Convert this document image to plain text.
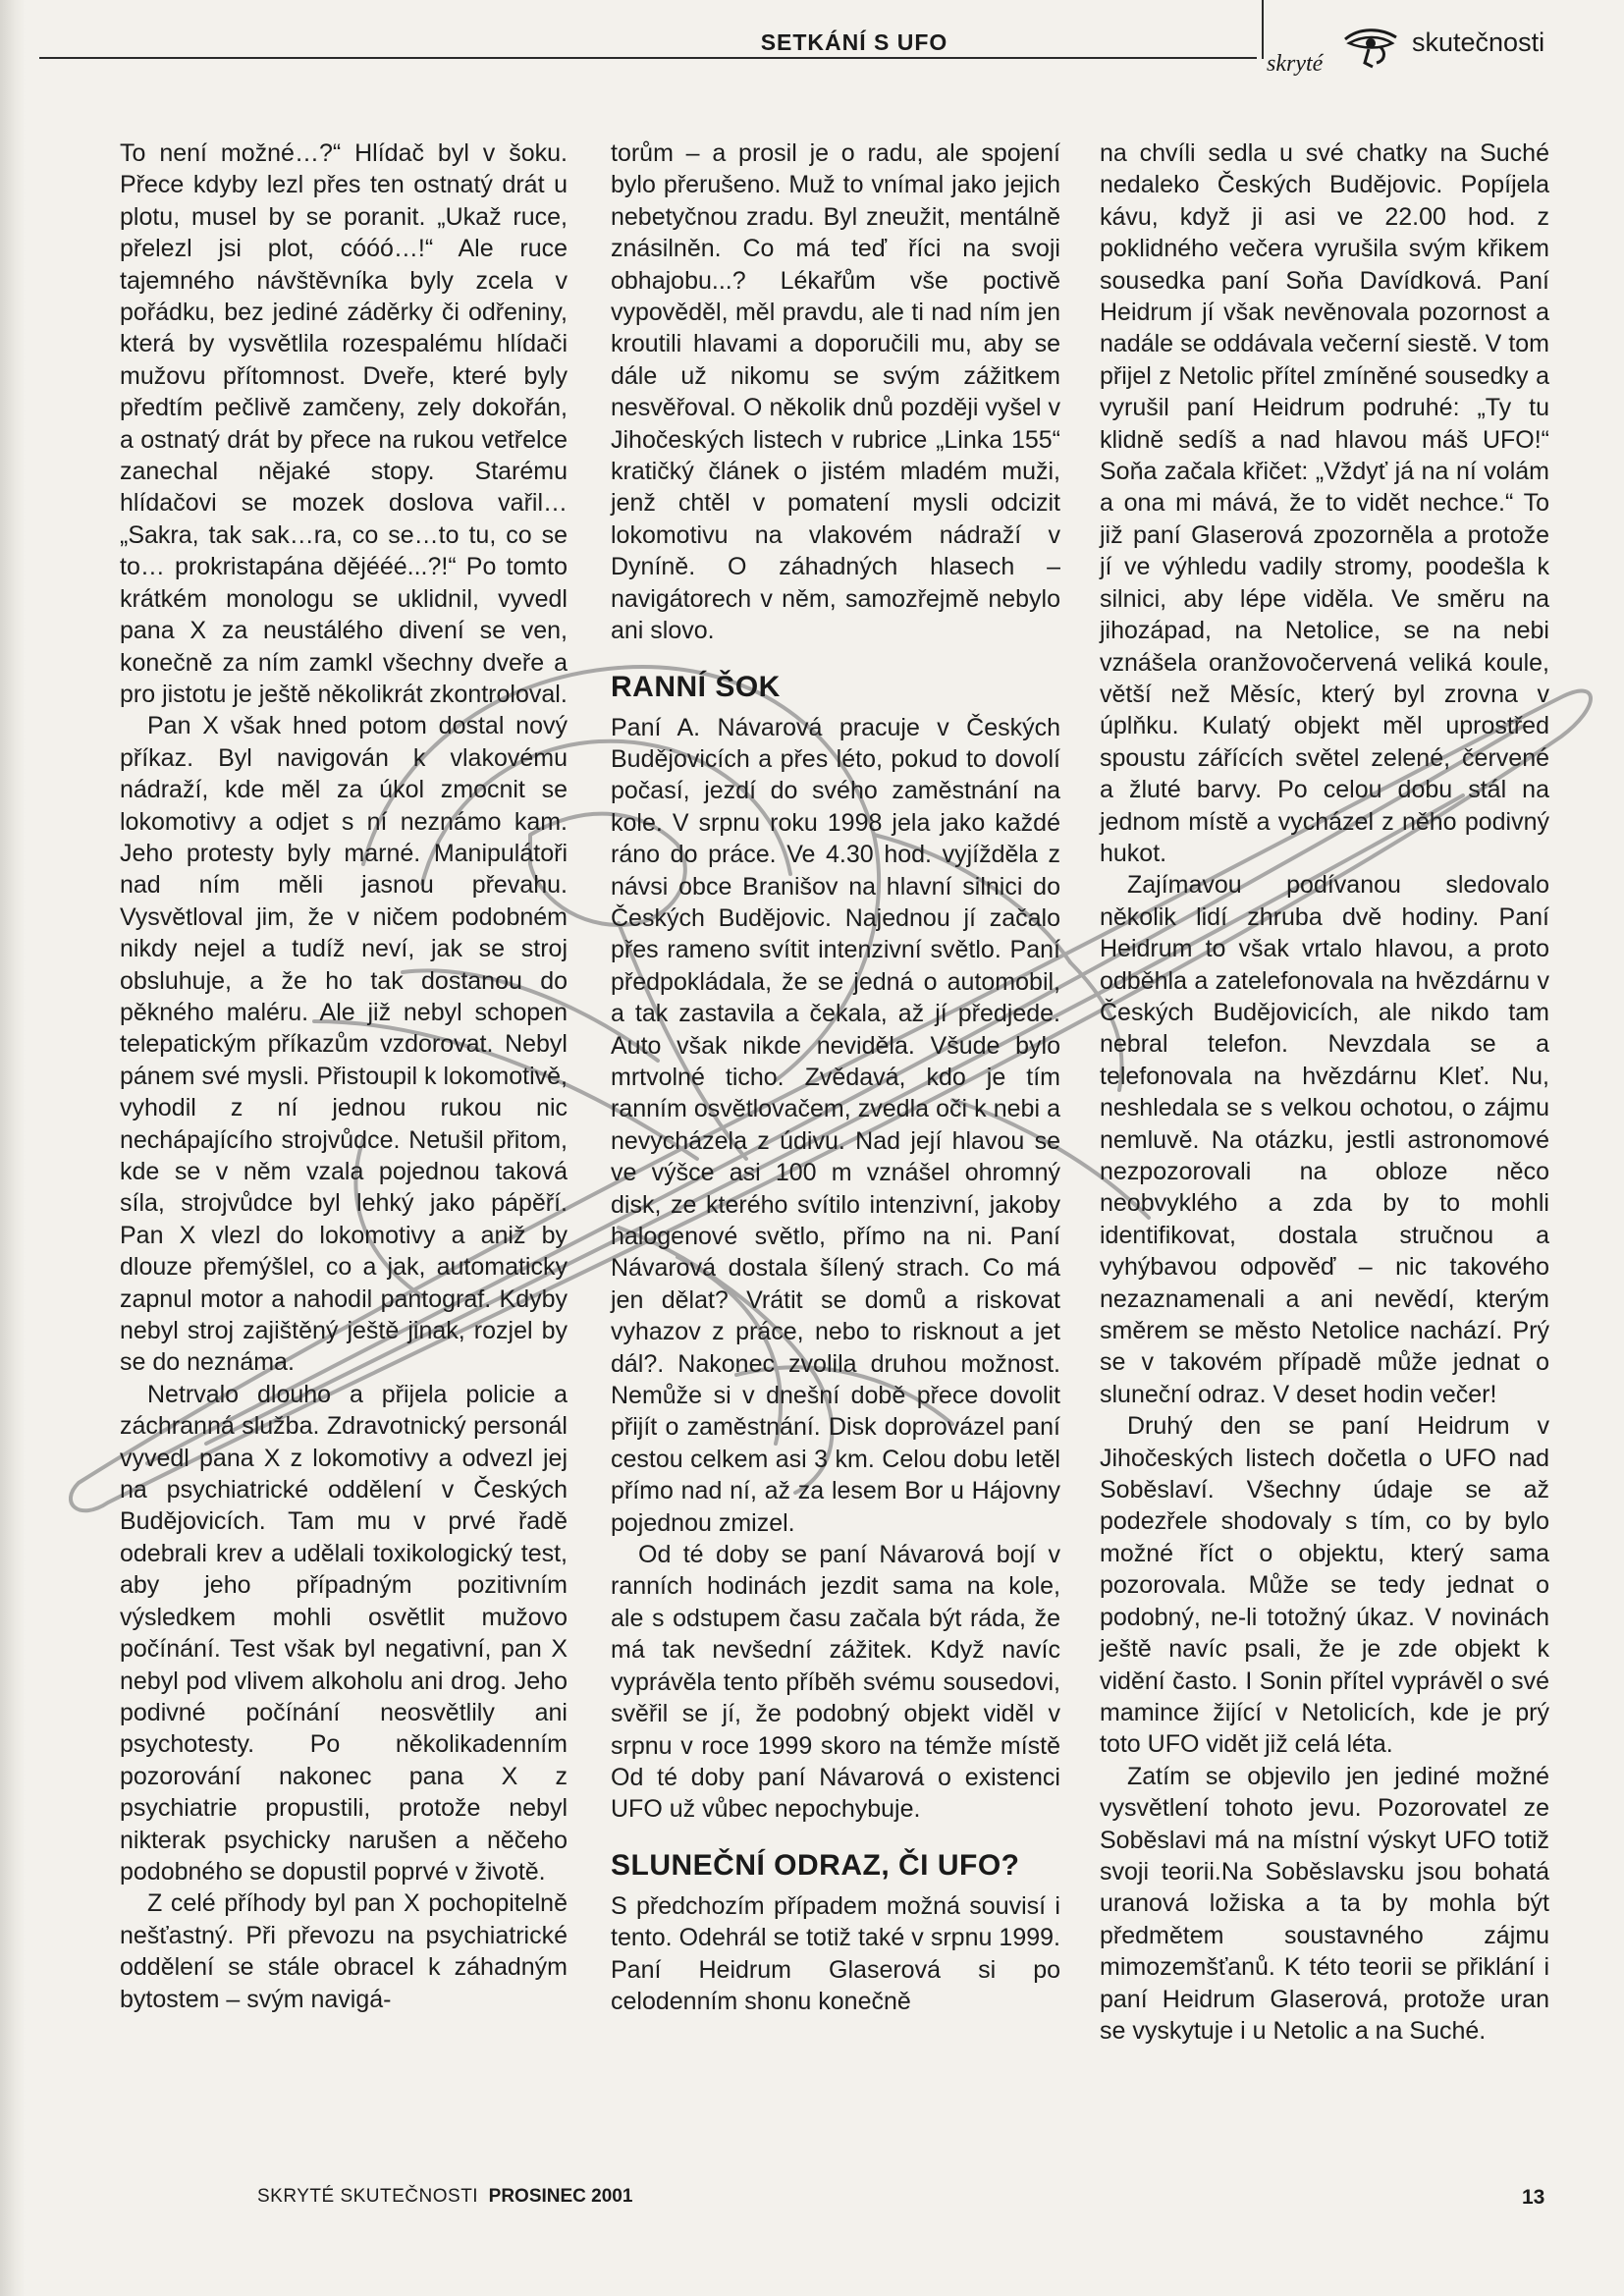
SETKÁNÍ S UFO
skryté
skutečnosti

To není možné…?“ Hlídač byl v šoku. Přece kdyby lezl přes ten ostnatý drát u plotu, musel by se poranit. „Ukaž ruce, přelezl jsi plot, cóóó…!“ Ale ruce tajemného návštěvníka byly zcela v pořádku, bez jediné záděrky či odřeniny, která by vysvětlila rozespalému hlídači mužovu přítomnost. Dveře, které byly předtím pečlivě zamčeny, zely dokořán, a ostnatý drát by přece na rukou vetřelce zanechal nějaké stopy. Starému hlídačovi se mozek doslova vařil… „Sakra, tak sak…ra, co se…to tu, co se to… prokristapána dějééé...?!“ Po tomto krátkém monologu se uklidnil, vyvedl pana X za neustálého divení se ven, konečně za ním zamkl všechny dveře a pro jistotu je ještě několikrát zkontroloval.

Pan X však hned potom dostal nový příkaz. Byl navigován k vlakovému nádraží, kde měl za úkol zmocnit se lokomotivy a odjet s ní neznámo kam. Jeho protesty byly marné. Manipulátoři nad ním měli jasnou převahu. Vysvětloval jim, že v ničem podobném nikdy nejel a tudíž neví, jak se stroj obsluhuje, a že ho tak dostanou do pěkného maléru. Ale již nebyl schopen telepatickým příkazům vzdorovat. Nebyl pánem své mysli. Přistoupil k lokomotivě, vyhodil z ní jednou rukou nic nechápajícího strojvůdce. Netušil přitom, kde se v něm vzala pojednou taková síla, strojvůdce byl lehký jako pápěří. Pan X vlezl do lokomotivy a aniž by dlouze přemýšlel, co a jak, automaticky zapnul motor a nahodil pantograf. Kdyby nebyl stroj zajištěný ještě jinak, rozjel by se do neznáma.

Netrvalo dlouho a přijela policie a záchranná služba. Zdravotnický personál vyvedl pana X z lokomotivy a odvezl jej na psychiatrické oddělení v Českých Budějovicích. Tam mu v prvé řadě odebrali krev a udělali toxikologický test, aby jeho případným pozitivním výsledkem mohli osvětlit mužovo počínání. Test však byl negativní, pan X nebyl pod vlivem alkoholu ani drog. Jeho podivné počínání neosvětlily ani psychotesty. Po několikadenním pozorování nakonec pana X z psychiatrie propustili, protože nebyl nikterak psychicky narušen a něčeho podobného se dopustil poprvé v životě.

Z celé příhody byl pan X pochopitelně nešťastný. Při převozu na psychiatrické oddělení se stále obracel k záhadným bytostem – svým navigá-

torům – a prosil je o radu, ale spojení bylo přerušeno. Muž to vnímal jako jejich nebetyčnou zradu. Byl zneužit, mentálně znásilněn. Co má teď říci na svoji obhajobu...? Lékařům vše poctivě vypověděl, měl pravdu, ale ti nad ním jen kroutili hlavami a doporučili mu, aby se dále už nikomu se svým zážitkem nesvěřoval. O několik dnů později vyšel v Jihočeských listech v rubrice „Linka 155“ kratičký článek o jistém mladém muži, jenž chtěl v pomatení mysli odcizit lokomotivu na vlakovém nádraží v Dyníně. O záhadných hlasech – navigátorech v něm, samozřejmě nebylo ani slovo.

RANNÍ ŠOK

Paní A. Návarová pracuje v Českých Budějovicích a přes léto, pokud to dovolí počasí, jezdí do svého zaměstnání na kole. V srpnu roku 1998 jela jako každé ráno do práce. Ve 4.30 hod. vyjížděla z návsi obce Branišov na hlavní silnici do Českých Budějovic. Najednou jí začalo přes rameno svítit intenzivní světlo. Paní předpokládala, že se jedná o automobil, a tak zastavila a čekala, až jí předjede. Auto však nikde neviděla. Všude bylo mrtvolné ticho. Zvědavá, kdo je tím ranním osvětlovačem, zvedla oči k nebi a nevycházela z údivu. Nad její hlavou se ve výšce asi 100 m vznášel ohromný disk, ze kterého svítilo intenzivní, jakoby halogenové světlo, přímo na ni. Paní Návarová dostala šílený strach. Co má jen dělat? Vrátit se domů a riskovat vyhazov z práce, nebo to risknout a jet dál?. Nakonec zvolila druhou možnost. Nemůže si v dnešní době přece dovolit přijít o zaměstnání. Disk doprovázel paní cestou celkem asi 3 km. Celou dobu letěl přímo nad ní, až za lesem Bor u Hájovny pojednou zmizel.

Od té doby se paní Návarová bojí v ranních hodinách jezdit sama na kole, ale s odstupem času začala být ráda, že má tak nevšední zážitek. Když navíc vyprávěla tento příběh svému sousedovi, svěřil se jí, že podobný objekt viděl v srpnu v roce 1999 skoro na témže místě Od té doby paní Návarová o existenci UFO už vůbec nepochybuje.

SLUNEČNÍ ODRAZ, ČI UFO?

S předchozím případem možná souvisí i tento. Odehrál se totiž také v srpnu 1999. Paní Heidrum Glaserová si po celodenním shonu konečně

na chvíli sedla u své chatky na Suché nedaleko Českých Budějovic. Popíjela kávu, když ji asi ve 22.00 hod. z poklidného večera vyrušila svým křikem sousedka paní Soňa Davídková. Paní Heidrum jí však nevěnovala pozornost a nadále se oddávala večerní siestě. V tom přijel z Netolic přítel zmíněné sousedky a vyrušil paní Heidrum podruhé: „Ty tu klidně sedíš a nad hlavou máš UFO!“ Soňa začala křičet: „Vždyť já na ní volám a ona mi mává, že to vidět nechce.“ To již paní Glaserová zpozorněla a protože jí ve výhledu vadily stromy, poodešla k silnici, aby lépe viděla. Ve směru na jihozápad, na Netolice, se na nebi vznášela oranžovočervená veliká koule, větší než Měsíc, který byl zrovna v úplňku. Kulatý objekt měl uprostřed spoustu zářících světel zelené, červené a žluté barvy. Po celou dobu stál na jednom místě a vycházel z něho podivný hukot.

Zajímavou podívanou sledovalo několik lidí zhruba dvě hodiny. Paní Heidrum to však vrtalo hlavou, a proto odběhla a zatelefonovala na hvězdárnu v Českých Budějovicích, ale nikdo tam nebral telefon. Nevzdala se a telefonovala na hvězdárnu Kleť. Nu, neshledala se s velkou ochotou, o zájmu nemluvě. Na otázku, jestli astronomové nezpozorovali na obloze něco neobvyklého a zda by to mohli identifikovat, dostala stručnou a vyhýbavou odpověď – nic takového nezaznamenali a ani nevědí, kterým směrem se město Netolice nachází. Prý se v takovém případě může jednat o sluneční odraz. V deset hodin večer!

Druhý den se paní Heidrum v Jihočeských listech dočetla o UFO nad Soběslaví. Všechny údaje se až podezřele shodovaly s tím, co by bylo možné říct o objektu, který sama pozorovala. Může se tedy jednat o podobný, ne-li totožný úkaz. V novinách ještě navíc psali, že je zde objekt k vidění často. I Sonin přítel vyprávěl o své mamince žijící v Netolicích, kde je prý toto UFO vidět již celá léta.

Zatím se objevilo jen jediné možné vysvětlení tohoto jevu. Pozorovatel ze Soběslavi má na místní výskyt UFO totiž svoji teorii.Na Soběslavsku jsou bohatá uranová ložiska a ta by mohla být předmětem soustavného zájmu mimozemšťanů. K této teorii se přiklání i paní Heidrum Glaserová, protože uran se vyskytuje i u Netolic a na Suché.

SKRYTÉ SKUTEČNOSTI PROSINEC 2001	13
